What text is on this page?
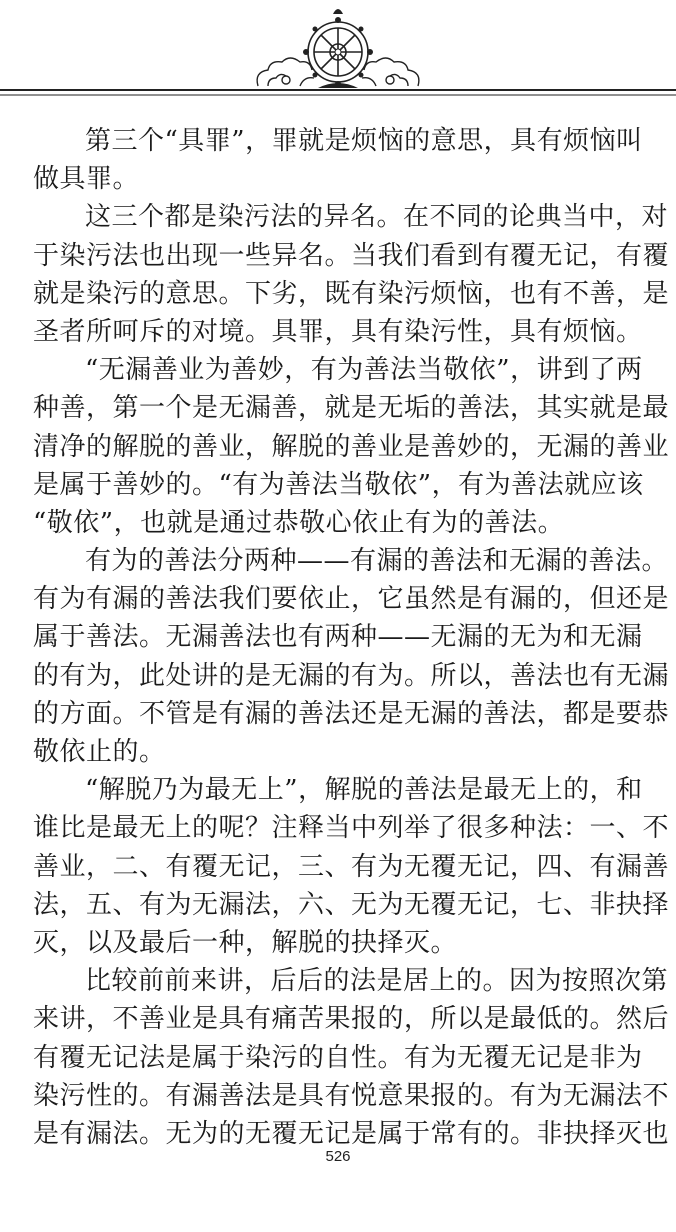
第三个“具罪”，罪就是烦恼的意思，具有烦恼叫
做具罪。
这三个都是染污法的异名。在不同的论典当中，对
于染污法也出现一些异名。当我们看到有覆无记，有覆
就是染污的意思。下劣，既有染污烦恼，也有不善，是
圣者所呵斥的对境。具罪，具有染污性，具有烦恼。
“无漏善业为善妙，有为善法当敬依”，讲到了两
种善，第一个是无漏善，就是无垢的善法，其实就是最
清净的解脱的善业，解脱的善业是善妙的，无漏的善业
是属于善妙的。“有为善法当敬依”，有为善法就应该
“敬依”，也就是通过恭敬心依止有为的善法。
有为的善法分两种——有漏的善法和无漏的善法。
有为有漏的善法我们要依止，它虽然是有漏的，但还是
属于善法。无漏善法也有两种——无漏的无为和无漏
的有为，此处讲的是无漏的有为。所以，善法也有无漏
的方面。不管是有漏的善法还是无漏的善法，都是要恭
敬依止的。
“解脱乃为最无上”，解脱的善法是最无上的，和
谁比是最无上的呢？注释当中列举了很多种法：一、不
善业，二、有覆无记，三、有为无覆无记，四、有漏善
法，五、有为无漏法，六、无为无覆无记，七、非抉择
灭，以及最后一种，解脱的抉择灭。
比较前前来讲，后后的法是居上的。因为按照次第
来讲，不善业是具有痛苦果报的，所以是最低的。然后
有覆无记法是属于染污的自性。有为无覆无记是非为
染污性的。有漏善法是具有悦意果报的。有为无漏法不
是有漏法。无为的无覆无记是属于常有的。非抉择灭也
526
